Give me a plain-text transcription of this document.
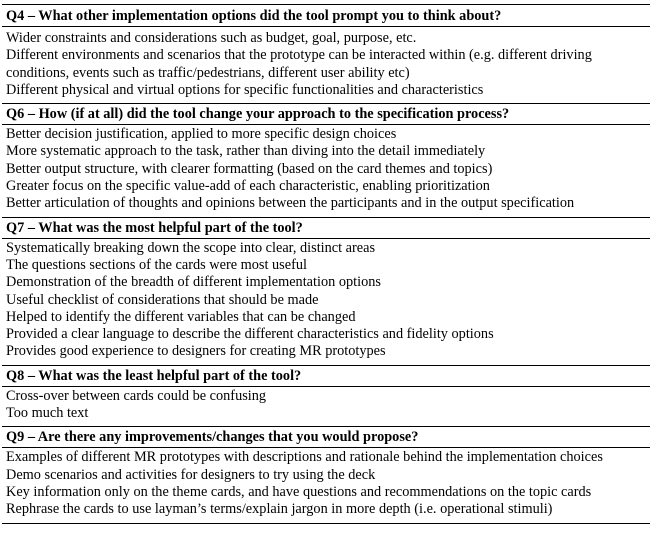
Q4 – What other implementation options did the tool prompt you to think about?
Wider constraints and considerations such as budget, goal, purpose, etc.
Different environments and scenarios that the prototype can be interacted within (e.g. different driving conditions, events such as traffic/pedestrians, different user ability etc)
Different physical and virtual options for specific functionalities and characteristics
Q6 – How (if at all) did the tool change your approach to the specification process?
Better decision justification, applied to more specific design choices
More systematic approach to the task, rather than diving into the detail immediately
Better output structure, with clearer formatting (based on the card themes and topics)
Greater focus on the specific value-add of each characteristic, enabling prioritization
Better articulation of thoughts and opinions between the participants and in the output specification
Q7 – What was the most helpful part of the tool?
Systematically breaking down the scope into clear, distinct areas
The questions sections of the cards were most useful
Demonstration of the breadth of different implementation options
Useful checklist of considerations that should be made
Helped to identify the different variables that can be changed
Provided a clear language to describe the different characteristics and fidelity options
Provides good experience to designers for creating MR prototypes
Q8 – What was the least helpful part of the tool?
Cross-over between cards could be confusing
Too much text
Q9 – Are there any improvements/changes that you would propose?
Examples of different MR prototypes with descriptions and rationale behind the implementation choices
Demo scenarios and activities for designers to try using the deck
Key information only on the theme cards, and have questions and recommendations on the topic cards
Rephrase the cards to use layman’s terms/explain jargon in more depth (i.e. operational stimuli)
